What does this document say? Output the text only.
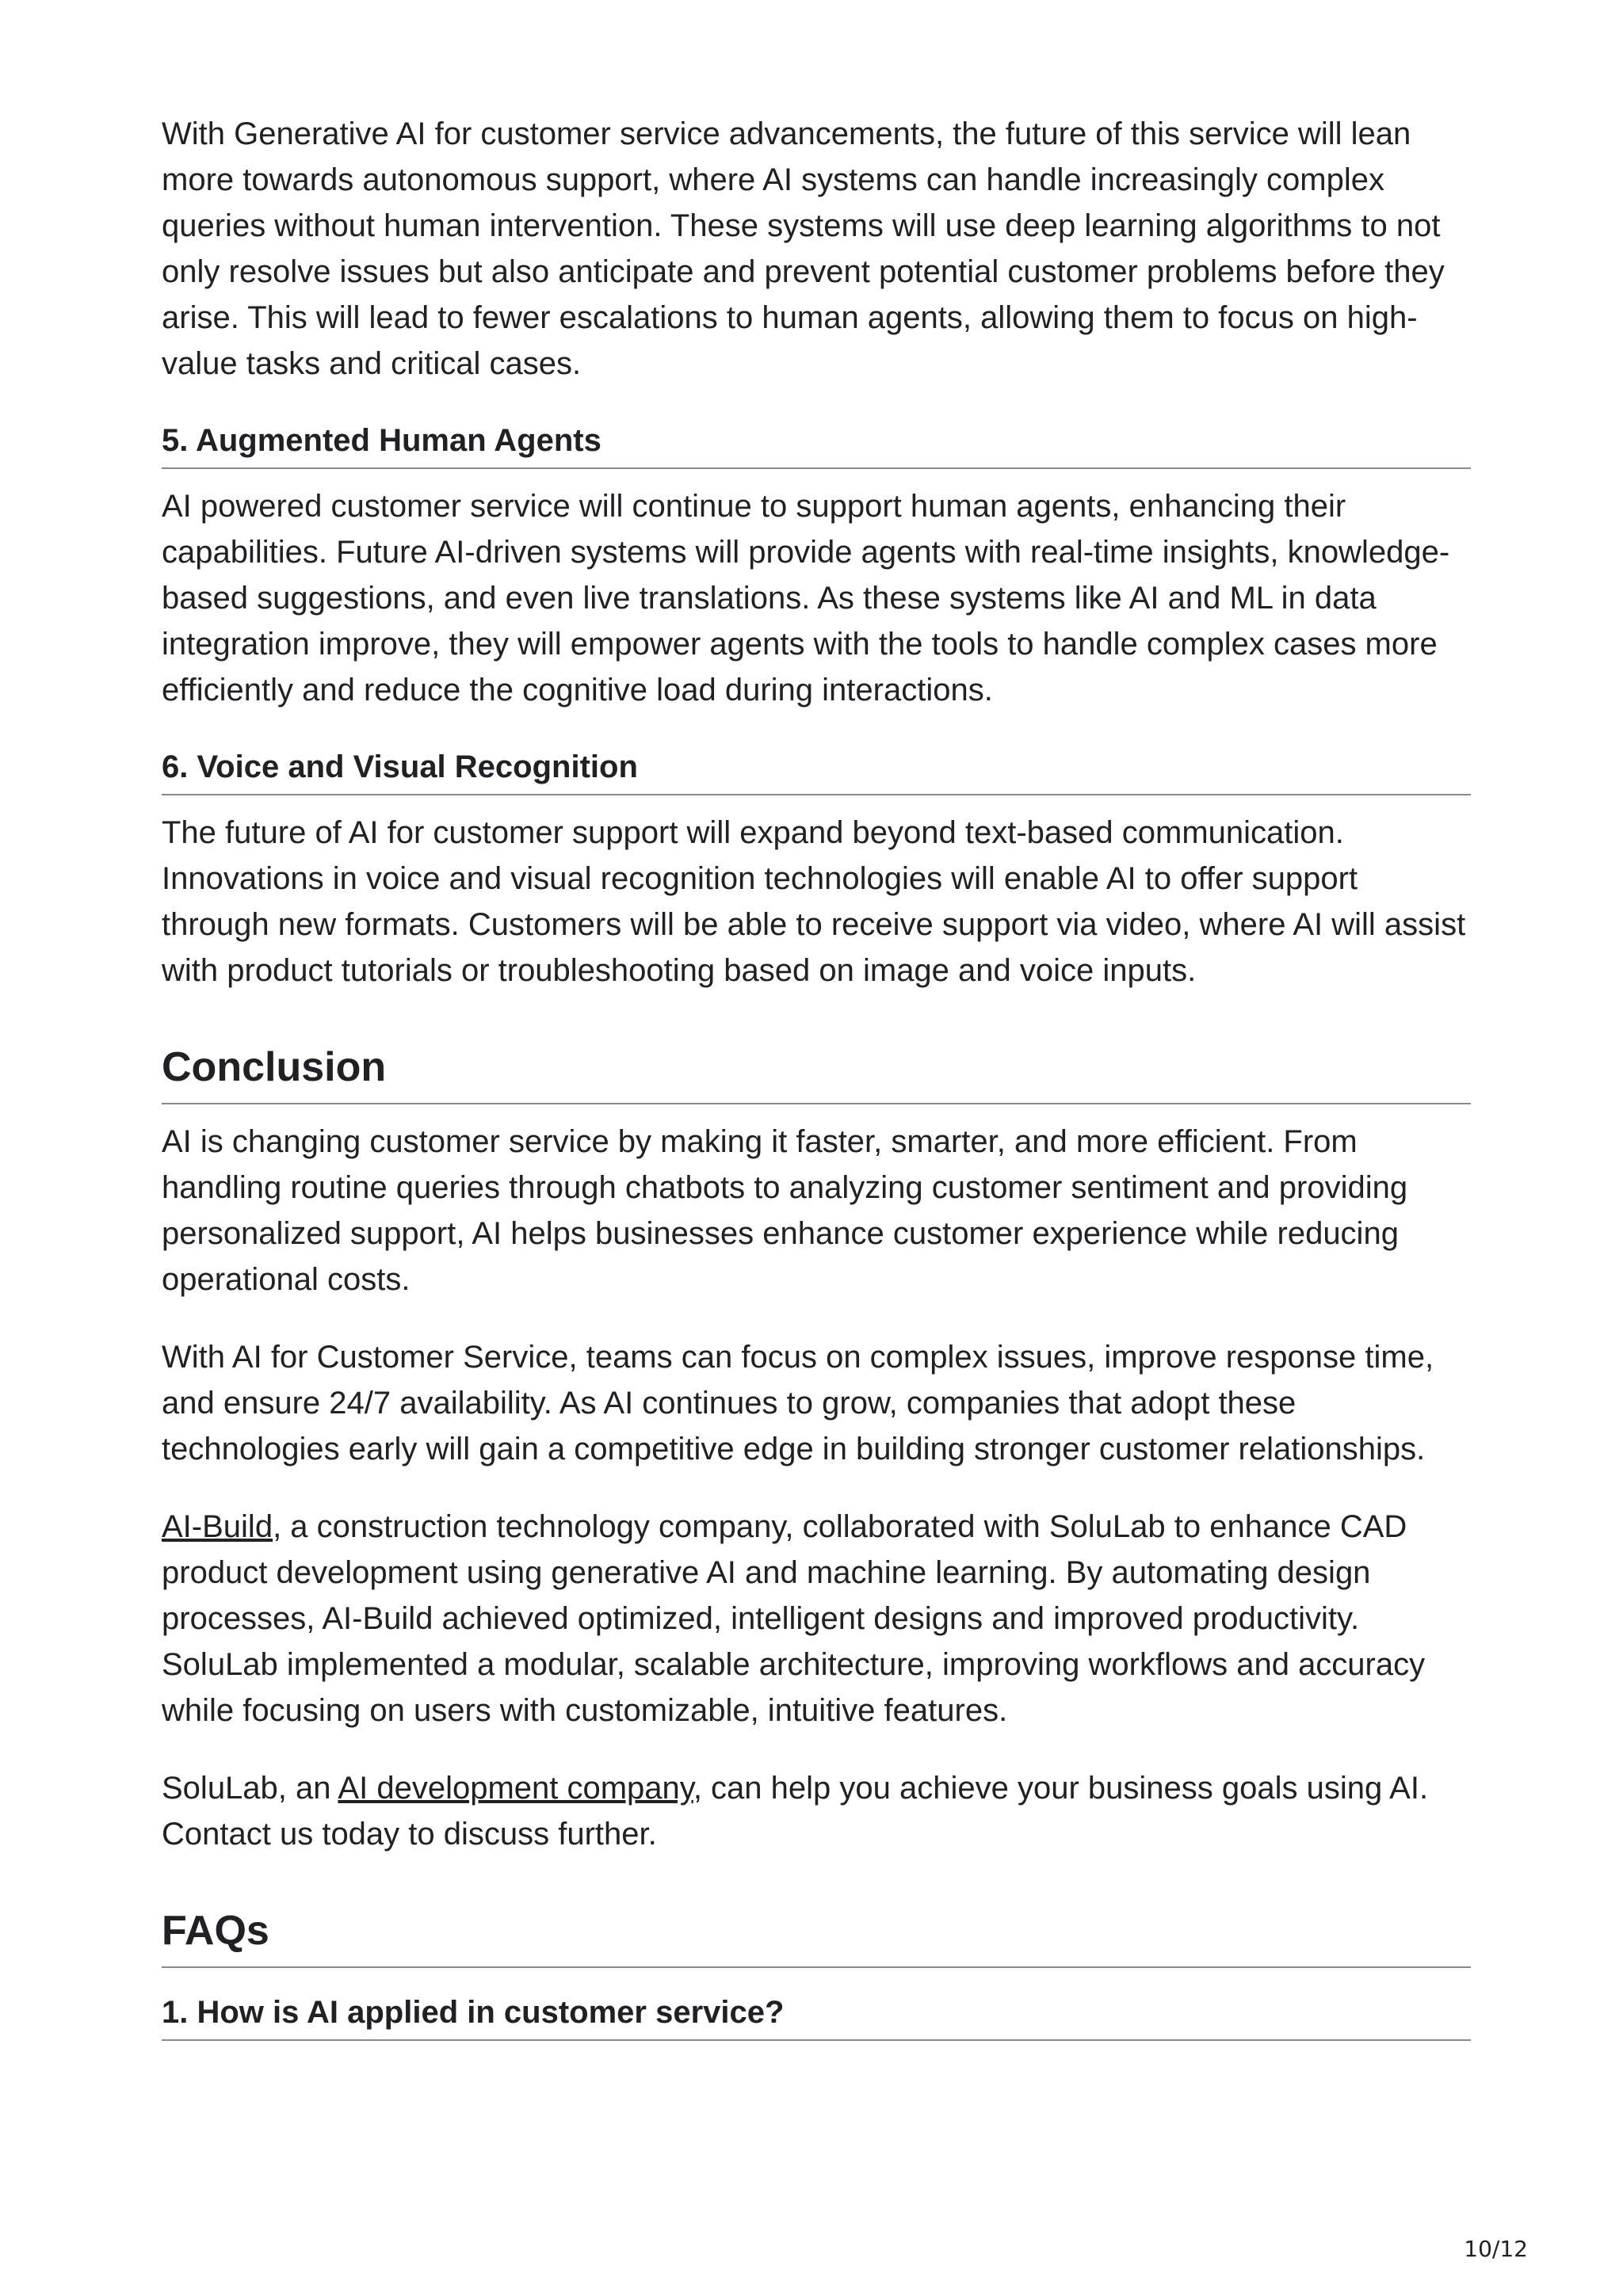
With Generative AI for customer service advancements, the future of this service will lean more towards autonomous support, where AI systems can handle increasingly complex queries without human intervention. These systems will use deep learning algorithms to not only resolve issues but also anticipate and prevent potential customer problems before they arise. This will lead to fewer escalations to human agents, allowing them to focus on high-value tasks and critical cases.

5. Augmented Human Agents

AI powered customer service will continue to support human agents, enhancing their capabilities. Future AI-driven systems will provide agents with real-time insights, knowledge-based suggestions, and even live translations. As these systems like AI and ML in data integration improve, they will empower agents with the tools to handle complex cases more efficiently and reduce the cognitive load during interactions.

6. Voice and Visual Recognition

The future of AI for customer support will expand beyond text-based communication. Innovations in voice and visual recognition technologies will enable AI to offer support through new formats. Customers will be able to receive support via video, where AI will assist with product tutorials or troubleshooting based on image and voice inputs.

Conclusion

AI is changing customer service by making it faster, smarter, and more efficient. From handling routine queries through chatbots to analyzing customer sentiment and providing personalized support, AI helps businesses enhance customer experience while reducing operational costs.

With AI for Customer Service, teams can focus on complex issues, improve response time, and ensure 24/7 availability. As AI continues to grow, companies that adopt these technologies early will gain a competitive edge in building stronger customer relationships.

AI-Build, a construction technology company, collaborated with SoluLab to enhance CAD product development using generative AI and machine learning. By automating design processes, AI-Build achieved optimized, intelligent designs and improved productivity. SoluLab implemented a modular, scalable architecture, improving workflows and accuracy while focusing on users with customizable, intuitive features.

SoluLab, an AI development company, can help you achieve your business goals using AI. Contact us today to discuss further.

FAQs
1. How is AI applied in customer service?
10/12
